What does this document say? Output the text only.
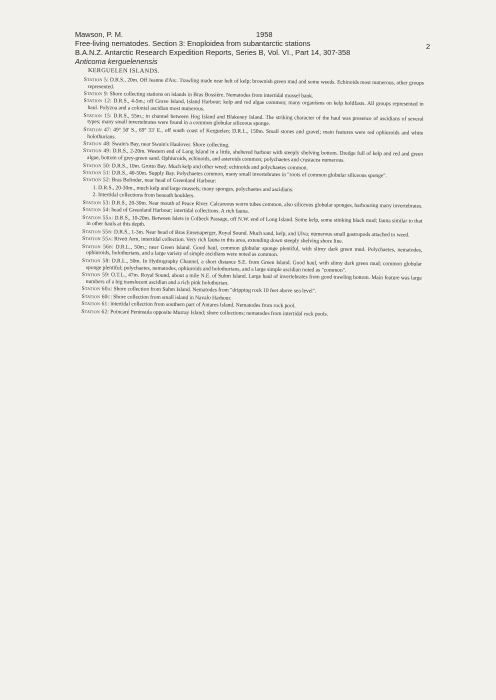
Mawson, P. M.	1958
2
Free-living nematodes. Section 3: Enoploidea from subantarctic stations
B.A.N.Z. Antarctic Research Expedition Reports, Series B, Vol. VI., Part 14, 307-358
Anticoma kerguelenensis
KERGUELEN ISLANDS.
Station 5: D.R.S., 20m. Off Jeanne d'Arc. Trawling made near belt of kelp; brownish green mud and some weeds. Echinoids most numerous, other groups represented.
Station 9: Shore collecting stations on islands in Bras Bossière. Nematodes from intertidal mussel bank.
Station 12: D.R.S., 4-5m.; off Grave Island, Island Harbour; kelp and red algae common; many organisms on kelp holdfasts. All groups represented in haul. Polyzoa and a colonial ascidian most numerous.
Station 15: D.R.S., 55m.; in channel between Hog Island and Blakeney Island. The striking character of the haul was presence of ascidians of several types; many small invertebrates were found in a common globular siliceous sponge.
Station 47: 49° 50' S., 69° 33' E., off south coast of Kerguelen; D.R.L., 150m. Small stones and gravel; main features were red ophiuroids and white holothurians.
Station 48: Swain's Bay, near Swain's Haulover. Shore collecting.
Station 49: D.R.S., 2-20m. Western end of Long Island in a little, sheltered harbour with steeply shelving bottom. Dredge full of kelp and red and green algae, bottom of grey-green sand. Ophiuroids, echinoids, and asteroids common; polychaetes and crustacea numerous.
Station 50: D.R.S., 10m. Grotto Bay. Much kelp and other weed; echinoids and polychaetes common.
Station 51: D.R.S., 40-50m. Supply Bay. Polychaetes common, many small invertebrates in "roots of common globular siliceous sponge".
Station 52: Bras Bolinder, near head of Greenland Harbour:
1. D.R.S., 20-30m., much kelp and large mussels; many sponges, polychaetes and ascidians.
2. Intertidal collections from beneath boulders.
Station 53: D.R.S., 20-30m. Near mouth of Peace River. Calcareous worm tubes common, also siliceous globular sponges, harbouring many invertebrates.
Station 54: head of Greenland Harbour; intertidal collections. A rich fauna.
Station 55a: D.R.S., 10-20m. Between Islets in Colbeck Passage, off N.W. end of Long Island. Some kelp, some stinking black mud; fauna similar to that in other hauls at this depth.
Station 55b: D.R.S., 1-3m. Near head of Bras Ensenaperger, Royal Sound. Much sand, kelp, and Ulva; numerous small gastropods attached to weed.
Station 55a: Rivett Arm, intertidal collection. Very rich fauna in this area, extending down steeply shelving shore line.
Station 56b: D.R.L., 50m.; near Green Island. Good haul, common globular sponge plentiful, with slimy dark green mud. Polychaetes, nematodes, ophiuroids, holothurians, and a large variety of simple ascidians were noted as common.
Station 58: D.R.L., 50m. In Hydrography Channel, a short distance S.E. from Green Island. Good haul, with slimy dark green mud; common globular sponge plentiful; polychaetes, nematodes, ophiuroids and holothurians, and a large simple ascidian noted as "common".
Station 59: O.T.L., 47m. Royal Sound, about a mile N.E. of Suhm Island. Large haul of invertebrates from good trawling bottom. Main feature was large numbers of a big translucent ascidian and a rich pink holothurian.
Station 60a: Shore collection from Suhm Island. Nematodes from "dripping rock 10 feet above sea level".
Station 60c: Shore collection from small island in Navalo Harbour.
Station 61: intertidal collection from southern part of Antares Island. Nematodes from rock pool.
Station 62: Poincaré Peninsula opposite Murray Island; shore collections; nematodes from intertidal rock pools.
